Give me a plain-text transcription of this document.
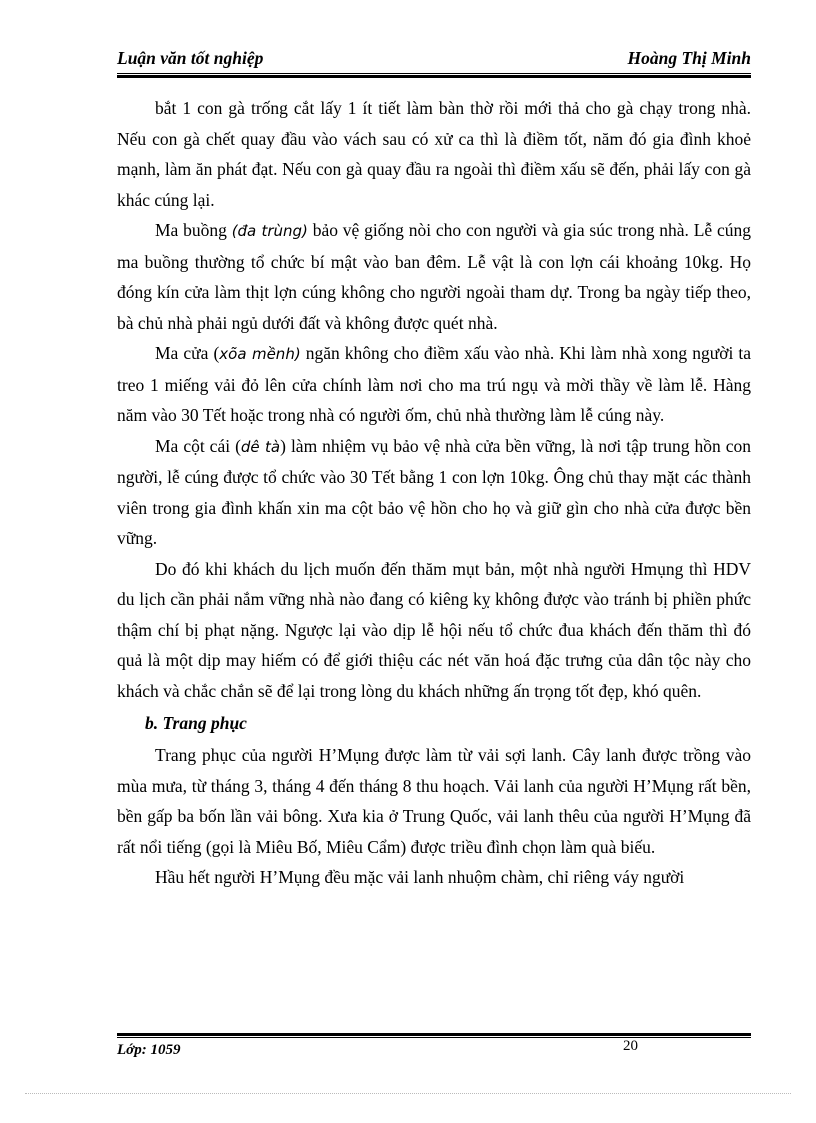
Luận văn tốt nghiệp	Hoàng Thị Minh

bắt 1 con gà trống cắt lấy 1 ít tiết làm bàn thờ rồi mới thả cho gà chạy trong nhà. Nếu con gà chết quay đầu vào vách sau có xử ca thì là điềm tốt, năm đó gia đình khoẻ mạnh, làm ăn phát đạt. Nếu con gà quay đầu ra ngoài thì điềm xấu sẽ đến, phải lấy con gà khác cúng lại.

Ma buồng (đa trùng) bảo vệ giống nòi cho con người và gia súc trong nhà. Lễ cúng ma buồng thường tổ chức bí mật vào ban đêm. Lễ vật là con lợn cái khoảng 10kg. Họ đóng kín cửa làm thịt lợn cúng không cho người ngoài tham dự. Trong ba ngày tiếp theo, bà chủ nhà phải ngủ dưới đất và không được quét nhà.

Ma cửa (xõa mềnh) ngăn không cho điềm xấu vào nhà. Khi làm nhà xong người ta treo 1 miếng vải đỏ lên cửa chính làm nơi cho ma trú ngụ và mời thầy về làm lễ. Hàng năm vào 30 Tết hoặc trong nhà có người ốm, chủ nhà thường làm lễ cúng này.

Ma cột cái (dê tà) làm nhiệm vụ bảo vệ nhà cửa bền vững, là nơi tập trung hồn con người, lễ cúng được tổ chức vào 30 Tết bằng 1 con lợn 10kg. Ông chủ thay mặt các thành viên trong gia đình khấn xin ma cột bảo vệ hồn cho họ và giữ gìn cho nhà cửa được bền vững.

Do đó khi khách du lịch muốn đến thăm mụt bản, một nhà người Hmụng thì HDV du lịch cần phải nắm vững nhà nào đang có kiêng kỵ không được vào tránh bị phiền phức thậm chí bị phạt nặng. Ngược lại vào dịp lễ hội nếu tổ chức đua khách đến thăm thì đó quả là một dịp may hiếm có để giới thiệu các nét văn hoá đặc trưng của dân tộc này cho khách và chắc chắn sẽ để lại trong lòng du khách những ấn trọng tốt đẹp, khó quên.

b. Trang phục

Trang phục của người H’Mụng được làm từ vải sợi lanh. Cây lanh được trồng vào mùa mưa, từ tháng 3, tháng 4 đến tháng 8 thu hoạch. Vải lanh của người H’Mụng rất bền, bền gấp ba bốn lần vải bông. Xưa kia ở Trung Quốc, vải lanh thêu của người H’Mụng đã rất nổi tiếng (gọi là Miêu Bố, Miêu Cẩm) được triều đình chọn làm quà biếu.

Hầu hết người H’Mụng đều mặc vải lanh nhuộm chàm, chỉ riêng váy người

Lớp: 1059	20
